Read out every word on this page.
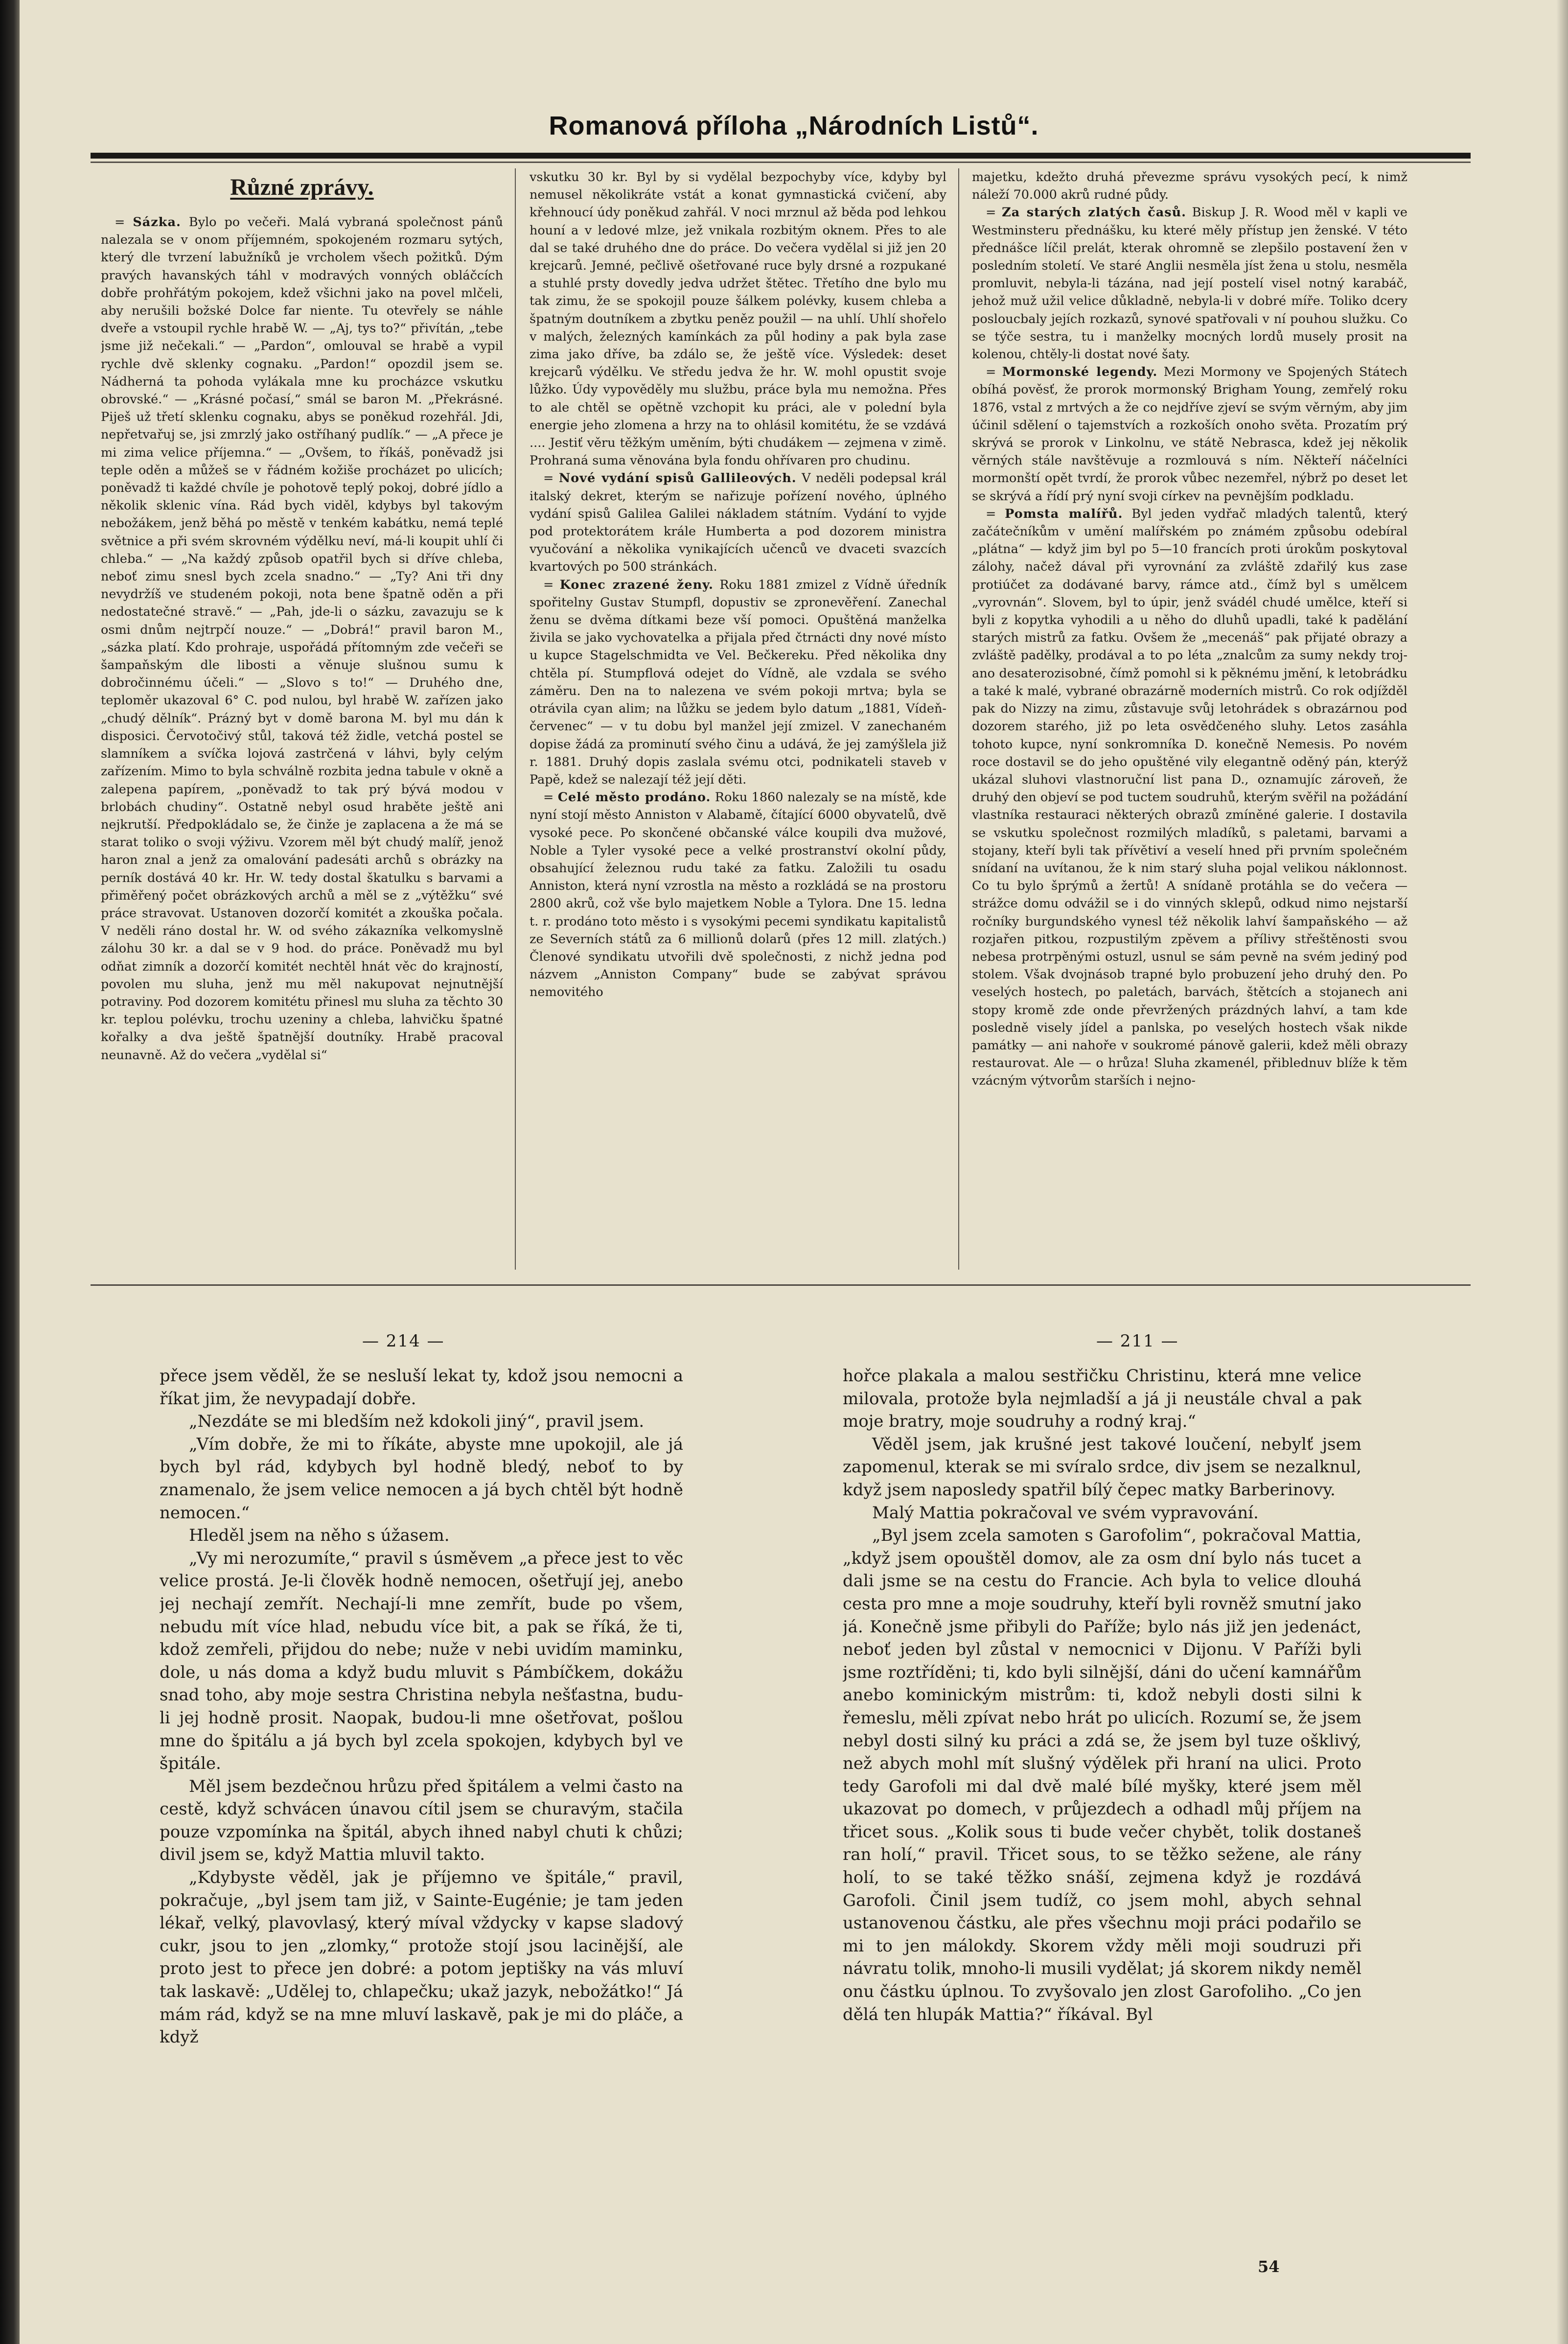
Romanová příloha „Národních Listů“.
Různé zprávy.

= Sázka. Bylo po večeři. Malá vybraná společnost pánů nalezala se v onom příjemném, spokojeném rozmaru sytých, který dle tvrzení labužníků je vrcholem všech požitků. Dým pravých havanských táhl v modravých vonných obláčcích dobře prohřátým pokojem, kdež všichni jako na povel mlčeli, aby nerušili božské Dolce far niente. Tu otevřely se náhle dveře a vstoupil rychle hrabě W. — „Aj, tys to?“ přivítán, „tebe jsme již nečekali.“ — „Pardon“, omlouval se hrabě a vypil rychle dvě sklenky cognaku. „Pardon!“ opozdil jsem se. Nádherná ta pohoda vylákala mne ku procházce vskutku obrovské.“ — „Krásné počasí,“ smál se baron M. „Překrásné. Piješ už třetí sklenku cognaku, abys se poněkud rozehřál. Jdi, nepřetvařuj se, jsi zmrzlý jako ostříhaný pudlík.“ — „A přece je mi zima velice příjemna.“ — „Ovšem, to říkáš, poněvadž jsi teple oděn a můžeš se v řádném kožiše procházet po ulicích; poněvadž ti každé chvíle je pohotově teplý pokoj, dobré jídlo a několik sklenic vína. Rád bych viděl, kdybys byl takovým nebožákem, jenž běhá po městě v tenkém kabátku, nemá teplé světnice a při svém skrovném výdělku neví, má-li koupit uhlí či chleba.“ — „Na každý způsob opatřil bych si dříve chleba, neboť zimu snesl bych zcela snadno.“ — „Ty? Ani tři dny nevydržíš ve studeném pokoji, nota bene špatně oděn a při nedostatečné stravě.“ — „Pah, jde-li o sázku, zavazuju se k osmi dnům nejtrpčí nouze.“ — „Dobrá!“ pravil baron M., „sázka platí. Kdo prohraje, uspořádá přítomným zde večeři se šampaňským dle libosti a věnuje slušnou sumu k dobročinnému účeli.“ — „Slovo s to!“ — Druhého dne, teploměr ukazoval 6° C. pod nulou, byl hrabě W. zařízen jako „chudý dělník“. Prázný byt v domě barona M. byl mu dán k disposici. Červotočivý stůl, taková též židle, vetchá postel se slamníkem a svíčka lojová zastrčená v láhvi, byly celým zařízením. Mimo to byla schválně rozbita jedna tabule v okně a zalepena papírem, „poněvadž to tak prý bývá modou v brlobách chudiny“. Ostatně nebyl osud hraběte ještě ani nejkrutší. Předpokládalo se, že činže je zaplacena a že má se starat toliko o svoji výživu. Vzorem měl být chudý malíř, jenož haron znal a jenž za omalování padesáti archů s obrázky na perník dostává 40 kr. Hr. W. tedy dostal škatulku s barvami a přiměřený počet obrázkových archů a měl se z „výtěžku“ své práce stravovat. Ustanoven dozorčí komitét a zkouška počala. V neděli ráno dostal hr. W. od svého zákazníka velkomyslně zálohu 30 kr. a dal se v 9 hod. do práce. Poněvadž mu byl odňat zimník a dozorčí komitét nechtěl hnát věc do krajností, povolen mu sluha, jenž mu měl nakupovat nejnutnější potraviny. Pod dozorem komitétu přinesl mu sluha za těchto 30 kr. teplou polévku, trochu uzeniny a chleba, lahvičku špatné kořalky a dva ještě špatnější doutníky. Hrabě pracoval neunavně. Až do večera „vydělal si“

vskutku 30 kr. Byl by si vydělal bezpochyby více, kdyby byl nemusel několikráte vstát a konat gymnastická cvičení, aby křehnoucí údy poněkud zahřál. V noci mrznul až běda pod lehkou houní a v ledové mlze, jež vnikala rozbitým oknem. Přes to ale dal se také druhého dne do práce. Do večera vydělal si již jen 20 krejcarů. Jemné, pečlivě ošetřované ruce byly drsné a rozpukané a stuhlé prsty dovedly jedva udržet štětec. Třetího dne bylo mu tak zimu, že se spokojil pouze šálkem polévky, kusem chleba a špatným doutníkem a zbytku peněz použil — na uhlí. Uhlí shořelo v malých, železných kamínkách za půl hodiny a pak byla zase zima jako dříve, ba zdálo se, že ještě více. Výsledek: deset krejcarů výdělku. Ve středu jedva že hr. W. mohl opustit svoje lůžko. Údy vypověděly mu službu, práce byla mu nemožna. Přes to ale chtěl se opětně vzchopit ku práci, ale v polední byla energie jeho zlomena a hrzy na to ohlásil komitétu, že se vzdává .... Jestiť věru těžkým uměním, býti chudákem — zejmena v zimě. Prohraná suma věnována byla fondu ohřívaren pro chudinu.

= Nové vydání spisů Gallileových. V neděli podepsal král italský dekret, kterým se nařizuje pořízení nového, úplného vydání spisů Galilea Galilei nákladem státním. Vydání to vyjde pod protektorátem krále Humberta a pod dozorem ministra vyučování a několika vynikajících učenců ve dvaceti svazcích kvartových po 500 stránkách.

= Konec zrazené ženy. Roku 1881 zmizel z Vídně úředník spořitelny Gustav Stumpfl, dopustiv se zpronevěření. Zanechal ženu se dvěma dítkami beze vší pomoci. Opuštěná manželka živila se jako vychovatelka a přijala před čtrnácti dny nové místo u kupce Stagelschmidta ve Vel. Bečkereku. Před několika dny chtěla pí. Stumpflová odejet do Vídně, ale vzdala se svého záměru. Den na to nalezena ve svém pokoji mrtva; byla se otrávila cyan alim; na lůžku se jedem bylo datum „1881, Vídeň-červenec“ — v tu dobu byl manžel její zmizel. V zanechaném dopise žádá za prominutí svého činu a udává, že jej zamýšlela již r. 1881. Druhý dopis zaslala svému otci, podnikateli staveb v Papě, kdež se nalezají též její děti.

= Celé město prodáno. Roku 1860 nalezaly se na místě, kde nyní stojí město Anniston v Alabamě, čítající 6000 obyvatelů, dvě vysoké pece. Po skončené občanské válce koupili dva mužové, Noble a Tyler vysoké pece a velké prostranství okolní půdy, obsahující železnou rudu také za fatku. Založili tu osadu Anniston, která nyní vzrostla na město a rozkládá se na prostoru 2800 akrů, což vše bylo majetkem Noble a Tylora. Dne 15. ledna t. r. prodáno toto město i s vysokými pecemi syndikatu kapitalistů ze Severních států za 6 millionů dolarů (přes 12 mill. zlatých.) Členové syndikatu utvořili dvě společnosti, z nichž jedna pod názvem „Anniston Company“ bude se zabývat správou nemovitého

majetku, kdežto druhá převezme správu vysokých pecí, k nimž náleží 70.000 akrů rudné půdy.

= Za starých zlatých časů. Biskup J. R. Wood měl v kapli ve Westminsteru přednášku, ku které měly přístup jen ženské. V této přednášce líčil prelát, kterak ohromně se zlepšilo postavení žen v posledním století. Ve staré Anglii nesměla jíst žena u stolu, nesměla promluvit, nebyla-li tázána, nad její postelí visel notný karabáč, jehož muž užil velice důkladně, nebyla-li v dobré míře. Toliko dcery posloucbaly jejích rozkazů, synové spatřovali v ní pouhou služku. Co se týče sestra, tu i manželky mocných lordů musely prosit na kolenou, chtěly-li dostat nové šaty.

= Mormonské legendy. Mezi Mormony ve Spojených Státech obíhá pověsť, že prorok mormonský Brigham Young, zemřelý roku 1876, vstal z mrtvých a že co nejdříve zjeví se svým věrným, aby jim účinil sdělení o tajemstvích a rozkoších onoho světa. Prozatím prý skrývá se prorok v Linkolnu, ve státě Nebrasca, kdež jej několik věrných stále navštěvuje a rozmlouvá s ním. Někteří náčelníci mormonští opět tvrdí, že prorok vůbec nezemřel, nýbrž po deset let se skrývá a řídí prý nyní svoji církev na pevnějším podkladu.

= Pomsta malířů. Byl jeden vydřač mladých talentů, který začátečníkům v umění malířském po známém způsobu odebíral „plátna“ — když jim byl po 5—10 francích proti úrokům poskytoval zálohy, načež dával při vyrovnání za zvláště zdařilý kus zase protiúčet za dodávané barvy, rámce atd., čímž byl s umělcem „vyrovnán“. Slovem, byl to úpir, jenž svádél chudé umělce, kteří si byli z kopytka vyhodili a u něho do dluhů upadli, také k padělání starých mistrů za fatku. Ovšem že „mecenáš“ pak přijaté obrazy a zvláště padělky, prodával a to po léta „znalcům za sumy nekdy troj- ano desaterozisobné, čímž pomohl si k pěknému jmění, k letobrádku a také k malé, vybrané obrazárně moderních mistrů. Co rok odjížděl pak do Nizzy na zimu, zůstavuje svůj letohrádek s obrazárnou pod dozorem starého, již po leta osvědčeného sluhy. Letos zasáhla tohoto kupce, nyní sonkromníka D. konečně Nemesis. Po novém roce dostavil se do jeho opuštěné vily elegantně oděný pán, kterýž ukázal sluhovi vlastnoruční list pana D., oznamujíc zároveň, že druhý den objeví se pod tuctem soudruhů, kterým svěřil na požádání vlastníka restauraci některých obrazů zmíněné galerie. I dostavila se vskutku společnost rozmilých mladíků, s paletami, barvami a stojany, kteří byli tak přívětiví a veselí hned při prvním společném snídaní na uvítanou, že k nim starý sluha pojal velikou náklonnost. Co tu bylo šprýmů a žertů! A snídaně protáhla se do večera — strážce domu odvážil se i do vinných sklepů, odkud nimo nejstarší ročníky burgundského vynesl též několik lahví šampaňského — až rozjařen pitkou, rozpustilým zpěvem a přílivy střeštěnosti svou nebesa protrpěnými ostuzl, usnul se sám pevně na svém jediný pod stolem. Však dvojnásob trapné bylo probuzení jeho druhý den. Po veselých hostech, po paletách, barvách, štětcích a stojanech ani stopy kromě zde onde převržených prázdných lahví, a tam kde posledně visely jídel a panlska, po veselých hostech však nikde památky — ani nahoře v soukromé pánově galerii, kdež měli obrazy restaurovat. Ale — o hrůza! Sluha zkamenél, přiblednuv blíže k těm vzácným výtvorům starších i nejno-

— 214 —	— 211 —

přece jsem věděl, že se nesluší lekat ty, kdož jsou nemocni a říkat jim, že nevypadají dobře.

„Nezdáte se mi bledším než kdokoli jiný“, pravil jsem.

„Vím dobře, že mi to říkáte, abyste mne upokojil, ale já bych byl rád, kdybych byl hodně bledý, neboť to by znamenalo, že jsem velice nemocen a já bych chtěl být hodně nemocen.“

Hleděl jsem na něho s úžasem.

„Vy mi nerozumíte,“ pravil s úsměvem „a přece jest to věc velice prostá. Je-li člověk hodně nemocen, ošetřují jej, anebo jej nechají zemřít. Nechají-li mne zemřít, bude po všem, nebudu mít více hlad, nebudu více bit, a pak se říká, že ti, kdož zemřeli, přijdou do nebe; nuže v nebi uvidím maminku, dole, u nás doma a když budu mluvit s Pámbíčkem, dokážu snad toho, aby moje sestra Christina nebyla nešťastna, budu-li jej hodně prosit. Naopak, budou-li mne ošetřovat, pošlou mne do špitálu a já bych byl zcela spokojen, kdybych byl ve špitále.

Měl jsem bezdečnou hrůzu před špitálem a velmi často na cestě, když schvácen únavou cítil jsem se churavým, stačila pouze vzpomínka na špitál, abych ihned nabyl chuti k chůzi; divil jsem se, když Mattia mluvil takto.

„Kdybyste věděl, jak je příjemno ve špitále,“ pravil, pokračuje, „byl jsem tam již, v Sainte-Eugénie; je tam jeden lékař, velký, plavovlasý, který míval vždycky v kapse sladový cukr, jsou to jen „zlomky,“ protože stojí jsou lacinější, ale proto jest to přece jen dobré: a potom jeptišky na vás mluví tak laskavě: „Udělej to, chlapečku; ukaž jazyk, nebožátko!“ Já mám rád, když se na mne mluví laskavě, pak je mi do pláče, a když

hořce plakala a malou sestřičku Christinu, která mne velice milovala, protože byla nejmladší a já ji neustále chval a pak moje bratry, moje soudruhy a rodný kraj.“

Věděl jsem, jak krušné jest takové loučení, nebylť jsem zapomenul, kterak se mi svíralo srdce, div jsem se nezalknul, když jsem naposledy spatřil bílý čepec matky Barberinovy.

Malý Mattia pokračoval ve svém vypravování.

„Byl jsem zcela samoten s Garofolim“, pokračoval Mattia, „když jsem opouštěl domov, ale za osm dní bylo nás tucet a dali jsme se na cestu do Francie. Ach byla to velice dlouhá cesta pro mne a moje soudruhy, kteří byli rovněž smutní jako já. Konečně jsme přibyli do Paříže; bylo nás již jen jedenáct, neboť jeden byl zůstal v nemocnici v Dijonu. V Paříži byli jsme roztříděni; ti, kdo byli silnější, dáni do učení kamnářům anebo kominickým mistrům: ti, kdož nebyli dosti silni k řemeslu, měli zpívat nebo hrát po ulicích. Rozumí se, že jsem nebyl dosti silný ku práci a zdá se, že jsem byl tuze ošklivý, než abych mohl mít slušný výdělek při hraní na ulici. Proto tedy Garofoli mi dal dvě malé bílé myšky, které jsem měl ukazovat po domech, v průjezdech a odhadl můj příjem na třicet sous. „Kolik sous ti bude večer chybět, tolik dostaneš ran holí,“ pravil. Třicet sous, to se těžko sežene, ale rány holí, to se také těžko snáší, zejmena když je rozdává Garofoli. Činil jsem tudíž, co jsem mohl, abych sehnal ustanovenou částku, ale přes všechnu moji práci podařilo se mi to jen málokdy. Skorem vždy měli moji soudruzi při návratu tolik, mnoho-li musili vydělat; já skorem nikdy neměl onu částku úplnou. To zvyšovalo jen zlost Garofoliho. „Co jen dělá ten hlupák Mattia?“ říkával. Byl

54
